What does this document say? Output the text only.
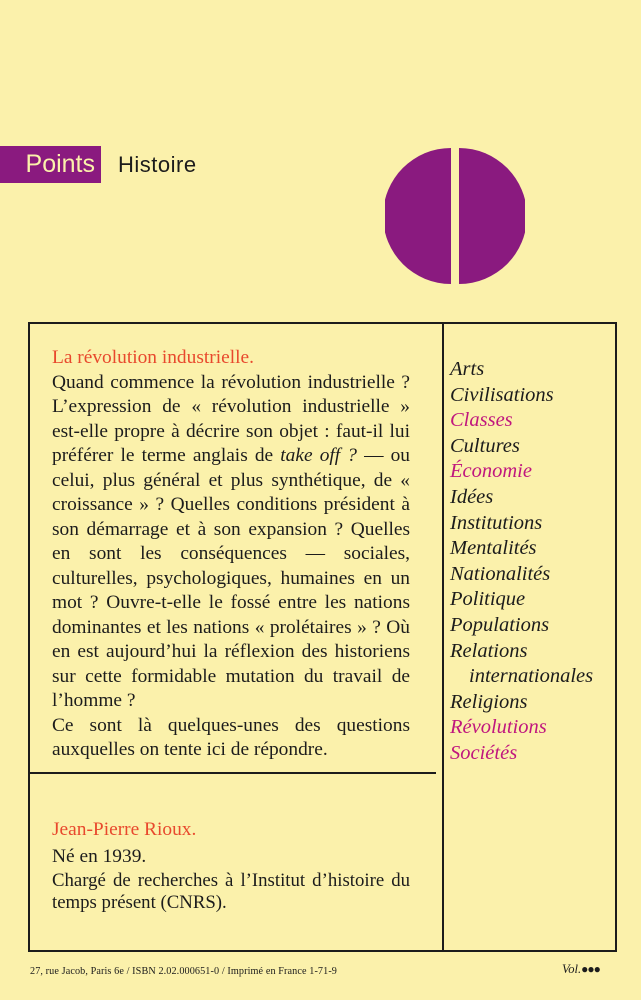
Points Histoire
La révolution industrielle.

Quand commence la révolution industrielle ? L’expression de « révolution industrielle » est-elle propre à décrire son objet : faut-il lui préférer le terme anglais de take off ? — ou celui, plus général et plus synthétique, de « croissance » ? Quelles conditions président à son démarrage et à son expansion ? Quelles en sont les conséquences — sociales, culturelles, psychologiques, humaines en un mot ? Ouvre-t-elle le fossé entre les nations dominantes et les nations « prolétaires » ? Où en est aujourd’hui la réflexion des historiens sur cette formidable mutation du travail de l’homme ?

Ce sont là quelques-unes des questions auxquelles on tente ici de répondre.

Jean-Pierre Rioux.
Né en 1939.
Chargé de recherches à l’Institut d’histoire du temps présent (CNRS).
Arts
Civilisations
Classes
Cultures
Économie
Idées
Institutions
Mentalités
Nationalités
Politique
Populations
Relations
internationales
Religions
Révolutions
Sociétés
27, rue Jacob, Paris 6e / ISBN 2.02.000651-0 / Imprimé en France 1-71-9	Vol.●●●
